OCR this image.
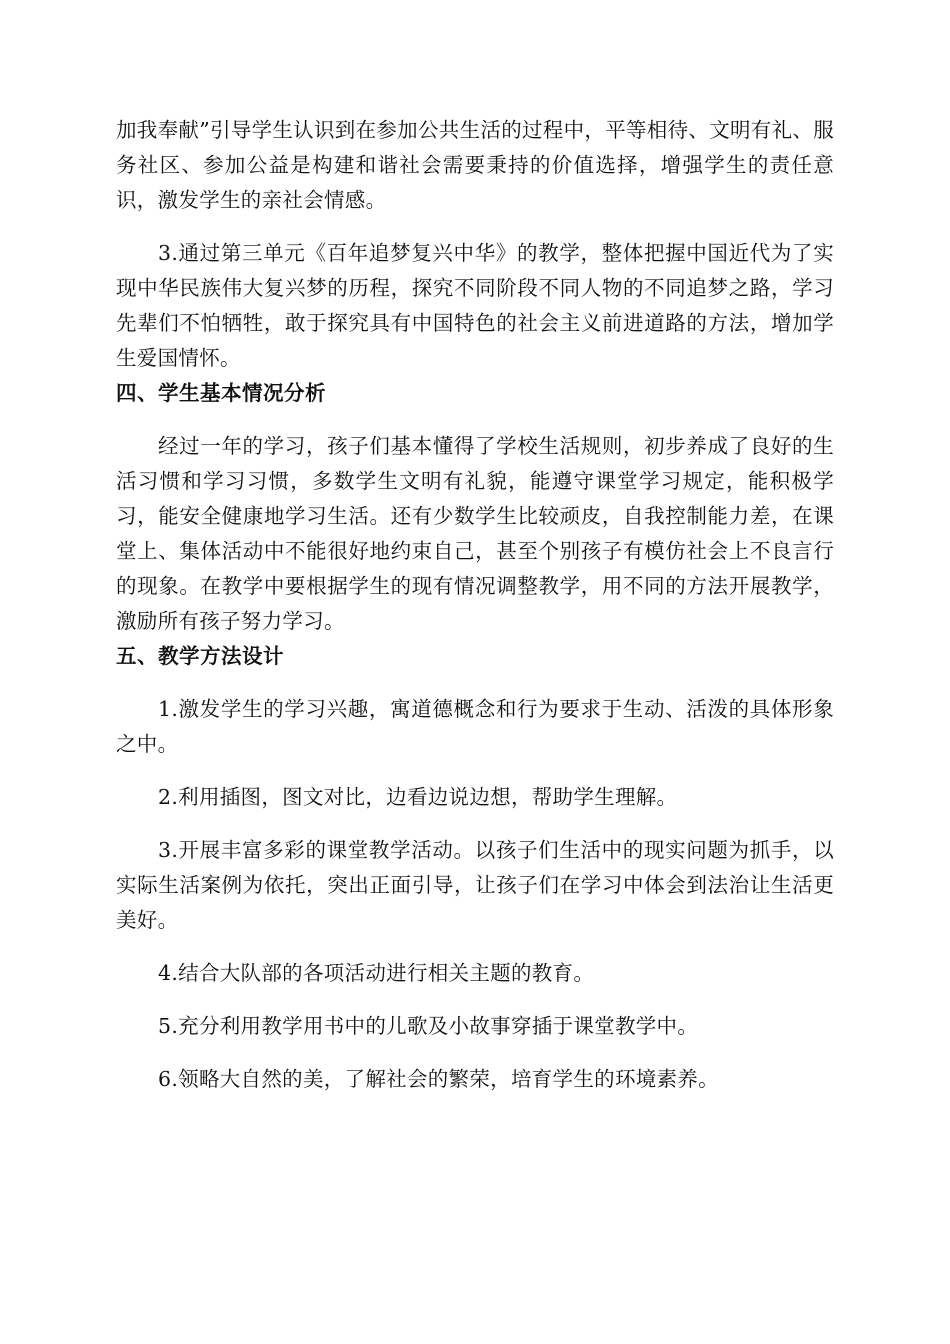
加我奉献”引导学生认识到在参加公共生活的过程中，平等相待、文明有礼、服务社区、参加公益是构建和谐社会需要秉持的价值选择，增强学生的责任意识，激发学生的亲社会情感。

3.通过第三单元《百年追梦复兴中华》的教学，整体把握中国近代为了实现中华民族伟大复兴梦的历程，探究不同阶段不同人物的不同追梦之路，学习先辈们不怕牺牲，敢于探究具有中国特色的社会主义前进道路的方法，增加学生爱国情怀。

四、学生基本情况分析

经过一年的学习，孩子们基本懂得了学校生活规则，初步养成了良好的生活习惯和学习习惯，多数学生文明有礼貌，能遵守课堂学习规定，能积极学习，能安全健康地学习生活。还有少数学生比较顽皮，自我控制能力差，在课堂上、集体活动中不能很好地约束自己，甚至个别孩子有模仿社会上不良言行的现象。在教学中要根据学生的现有情况调整教学，用不同的方法开展教学，激励所有孩子努力学习。

五、教学方法设计

1.激发学生的学习兴趣，寓道德概念和行为要求于生动、活泼的具体形象之中。

2.利用插图，图文对比，边看边说边想，帮助学生理解。

3.开展丰富多彩的课堂教学活动。以孩子们生活中的现实问题为抓手，以实际生活案例为依托，突出正面引导，让孩子们在学习中体会到法治让生活更美好。

4.结合大队部的各项活动进行相关主题的教育。

5.充分利用教学用书中的儿歌及小故事穿插于课堂教学中。

6.领略大自然的美，了解社会的繁荣，培育学生的环境素养。
